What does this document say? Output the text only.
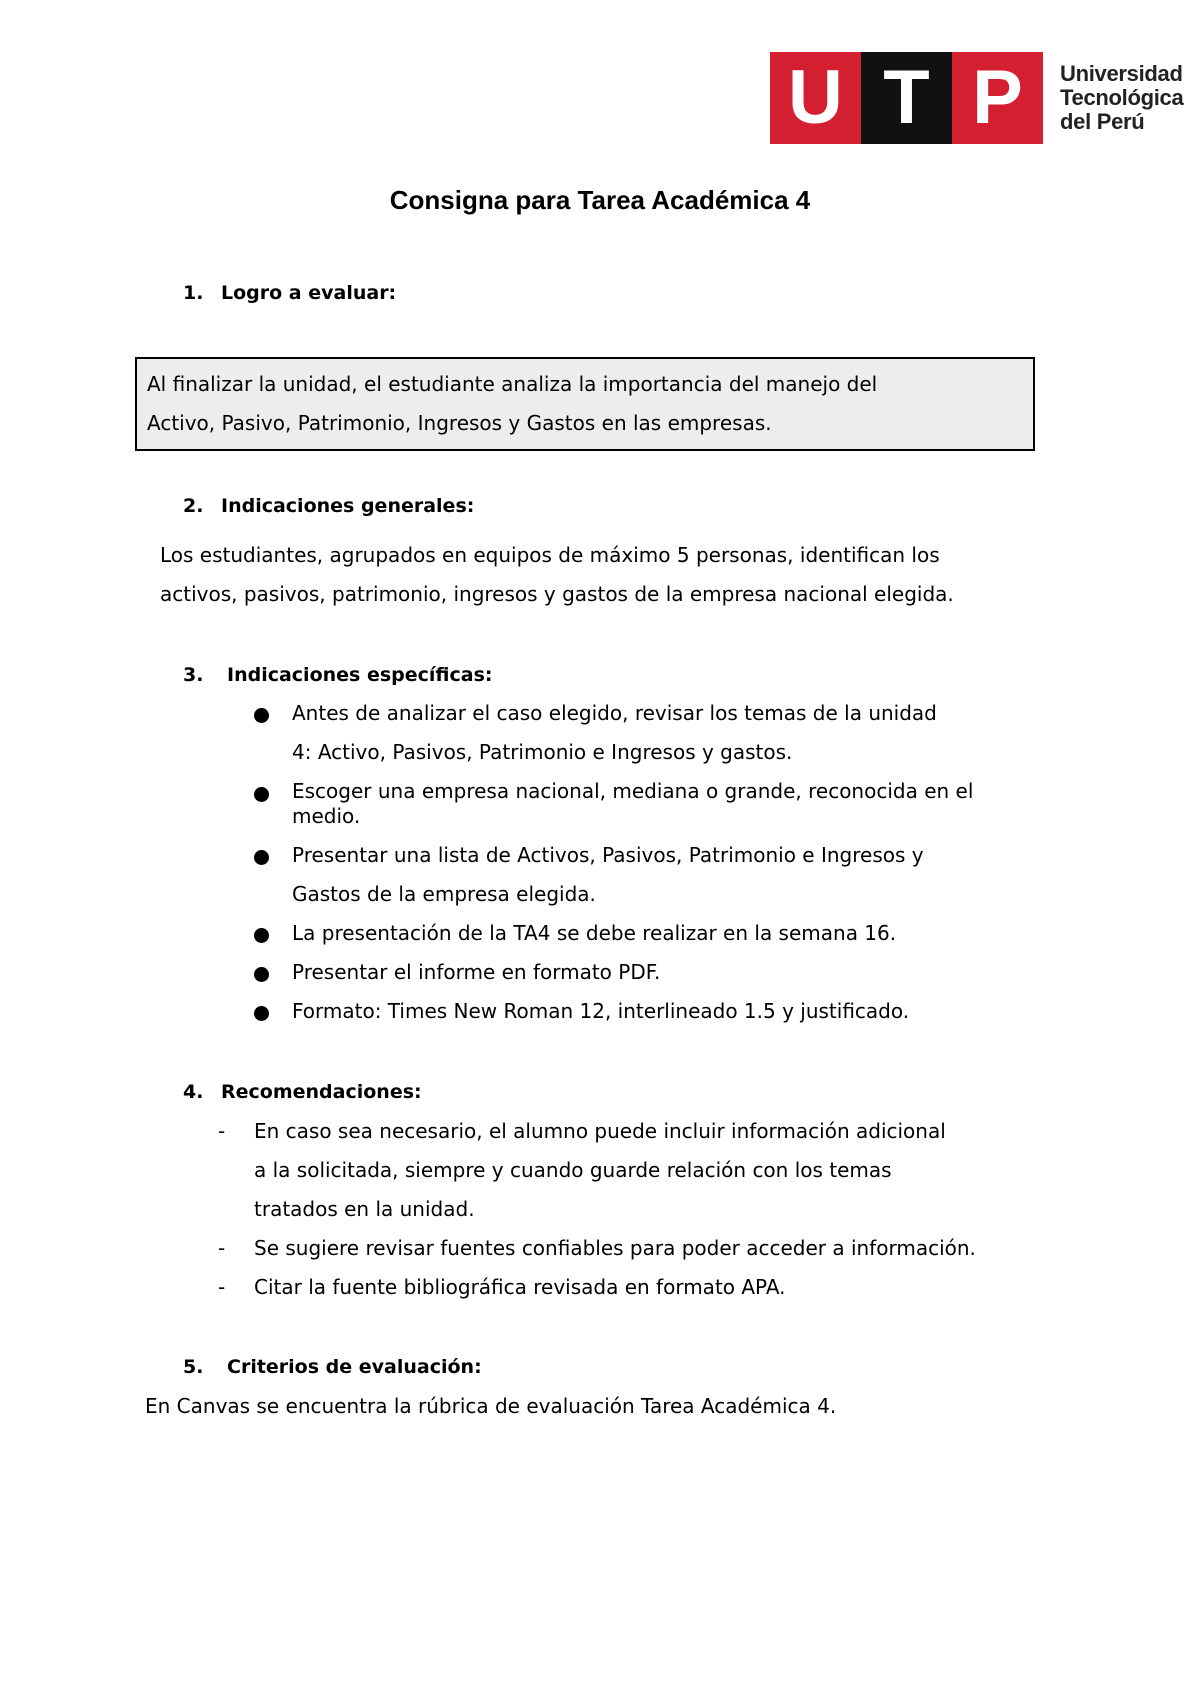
U T P	Universidad
Tecnológica
del Perú
Consigna para Tarea Académica 4
1. Logro a evaluar:

Al finalizar la unidad, el estudiante analiza la importancia del manejo del

Activo, Pasivo, Patrimonio, Ingresos y Gastos en las empresas.

2. Indicaciones generales:

Los estudiantes, agrupados en equipos de máximo 5 personas, identifican los

activos, pasivos, patrimonio, ingresos y gastos de la empresa nacional elegida.

3. Indicaciones específicas:
Antes de analizar el caso elegido, revisar los temas de la unidad
4: Activo, Pasivos, Patrimonio e Ingresos y gastos.
Escoger una empresa nacional, mediana o grande, reconocida en el
medio.
Presentar una lista de Activos, Pasivos, Patrimonio e Ingresos y
Gastos de la empresa elegida.
La presentación de la TA4 se debe realizar en la semana 16.
Presentar el informe en formato PDF.
Formato: Times New Roman 12, interlineado 1.5 y justificado.
4. Recomendaciones:
- En caso sea necesario, el alumno puede incluir información adicional
a la solicitada, siempre y cuando guarde relación con los temas
tratados en la unidad.
- Se sugiere revisar fuentes confiables para poder acceder a información.
- Citar la fuente bibliográfica revisada en formato APA.
5. Criterios de evaluación:

En Canvas se encuentra la rúbrica de evaluación Tarea Académica 4.
